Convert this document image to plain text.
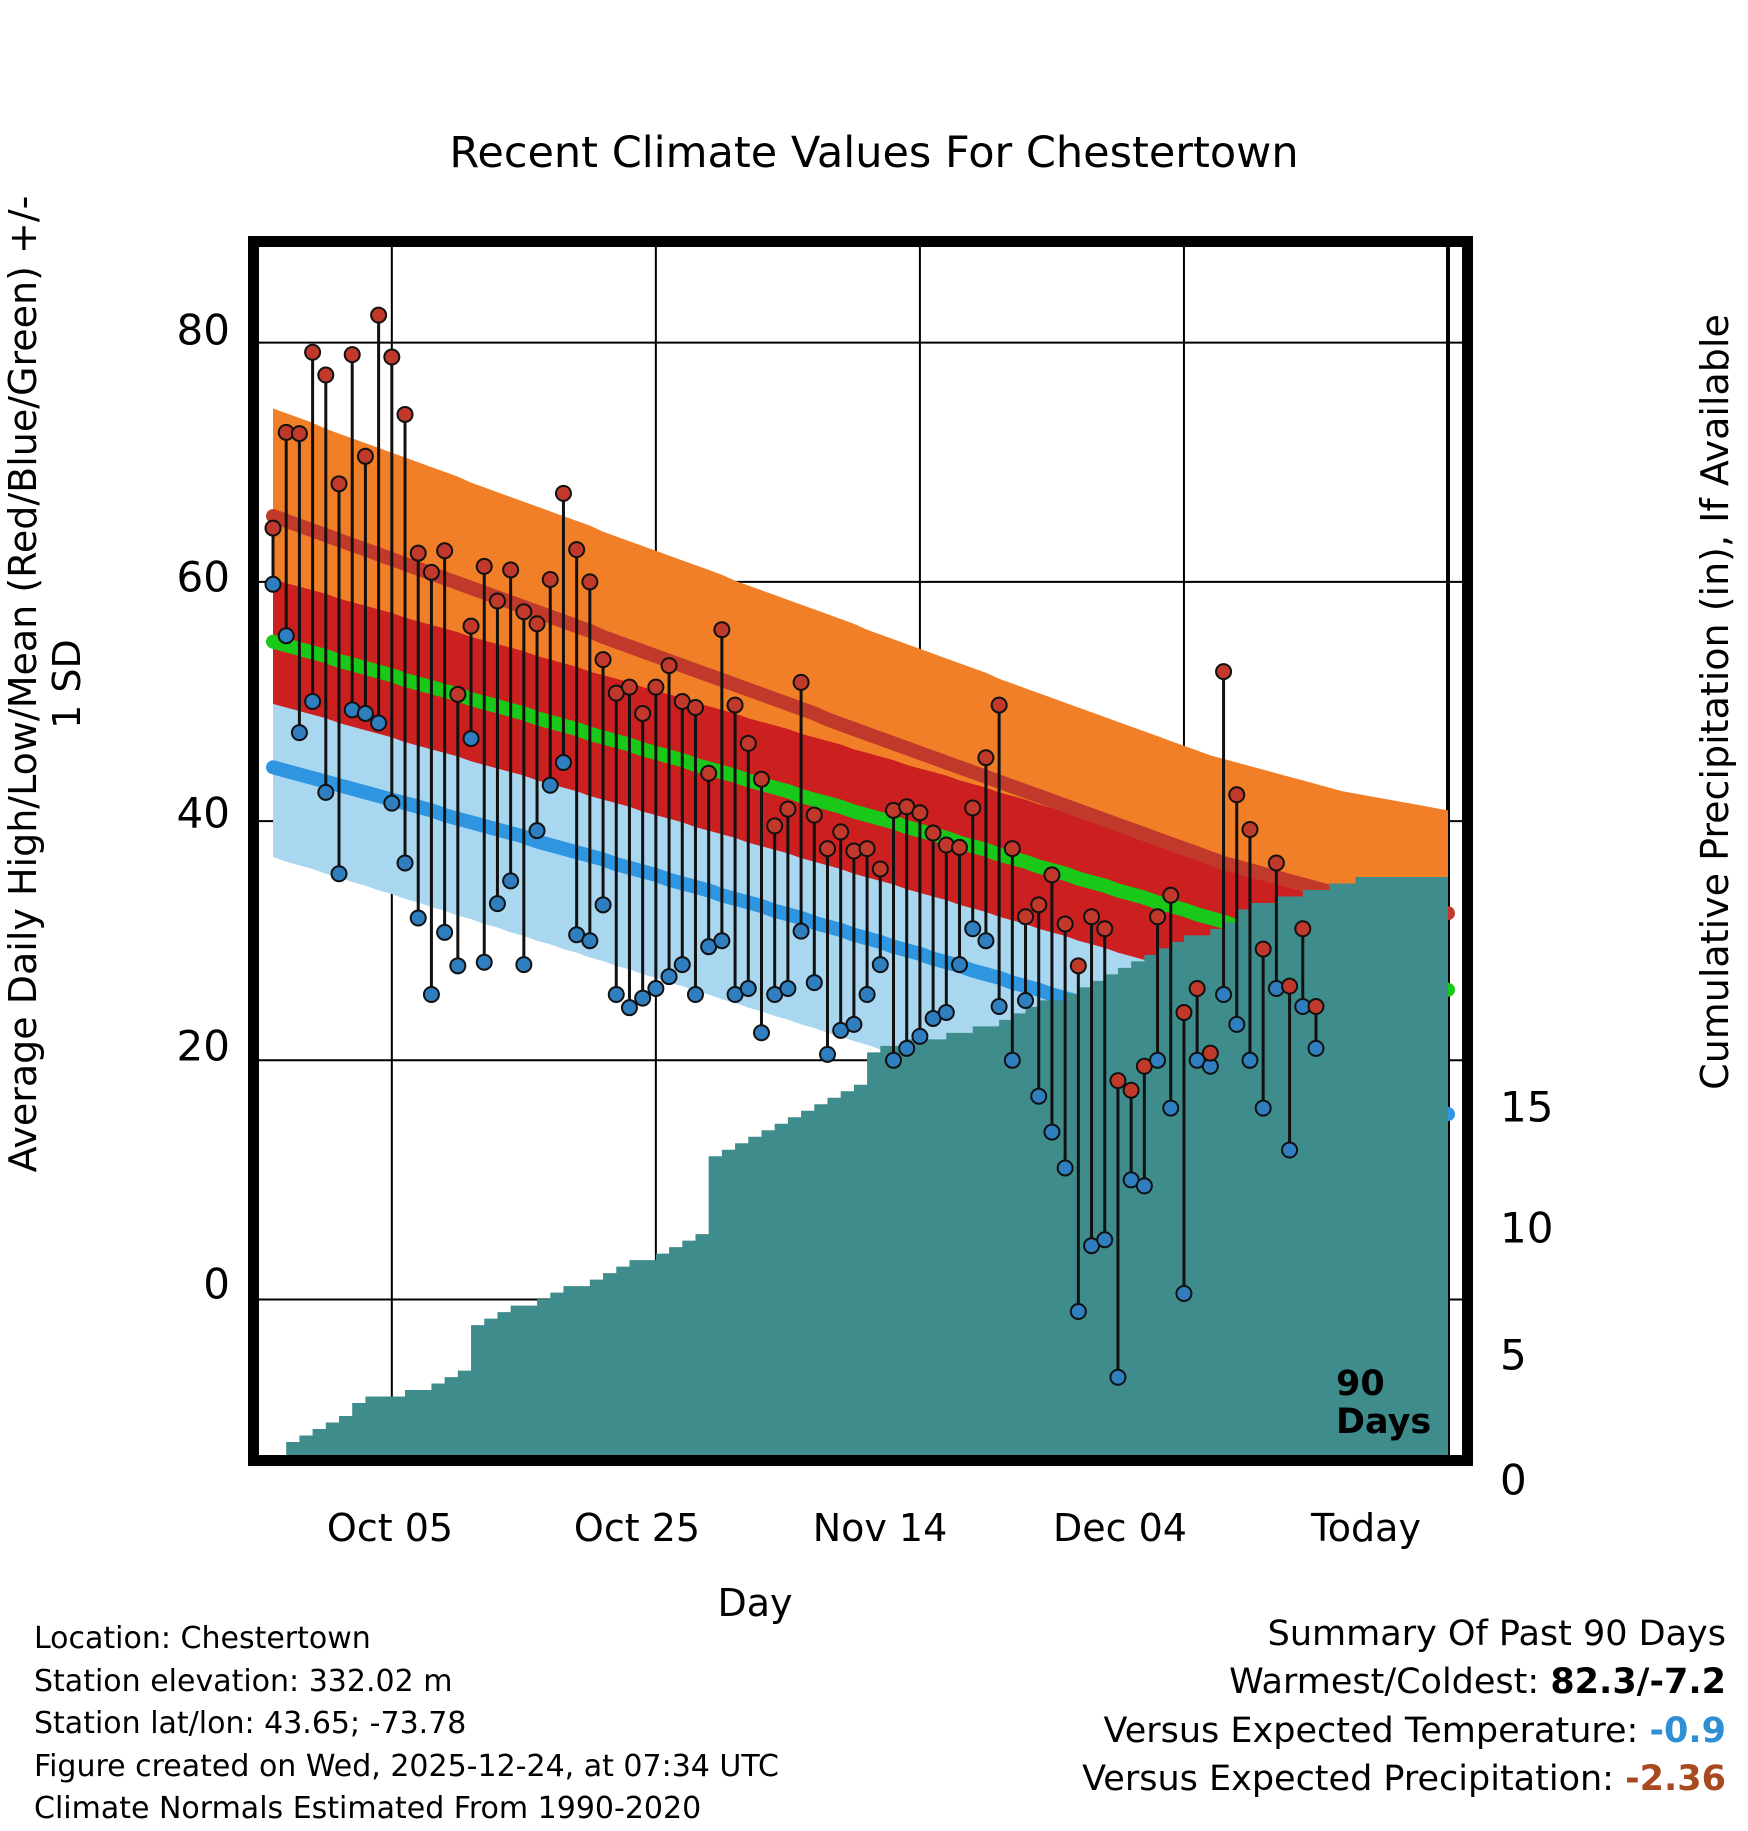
Recent Climate Values For Chestertown
Average Daily High/Low/Mean (Red/Blue/Green) +/- 1 SD	Cumulative Precipitation (in), If Available
Day
80
60
40
20
0
15
10
5
0
Oct 05	Oct 25	Nov 14	Dec 04	Today
90
Days
Location: Chestertown
Station elevation: 332.02 m
Station lat/lon: 43.65; -73.78
Figure created on Wed, 2025-12-24, at 07:34 UTC
Climate Normals Estimated From 1990-2020
Summary Of Past 90 Days
Warmest/Coldest: 82.3/-7.2
Versus Expected Temperature: -0.9
Versus Expected Precipitation: -2.36
